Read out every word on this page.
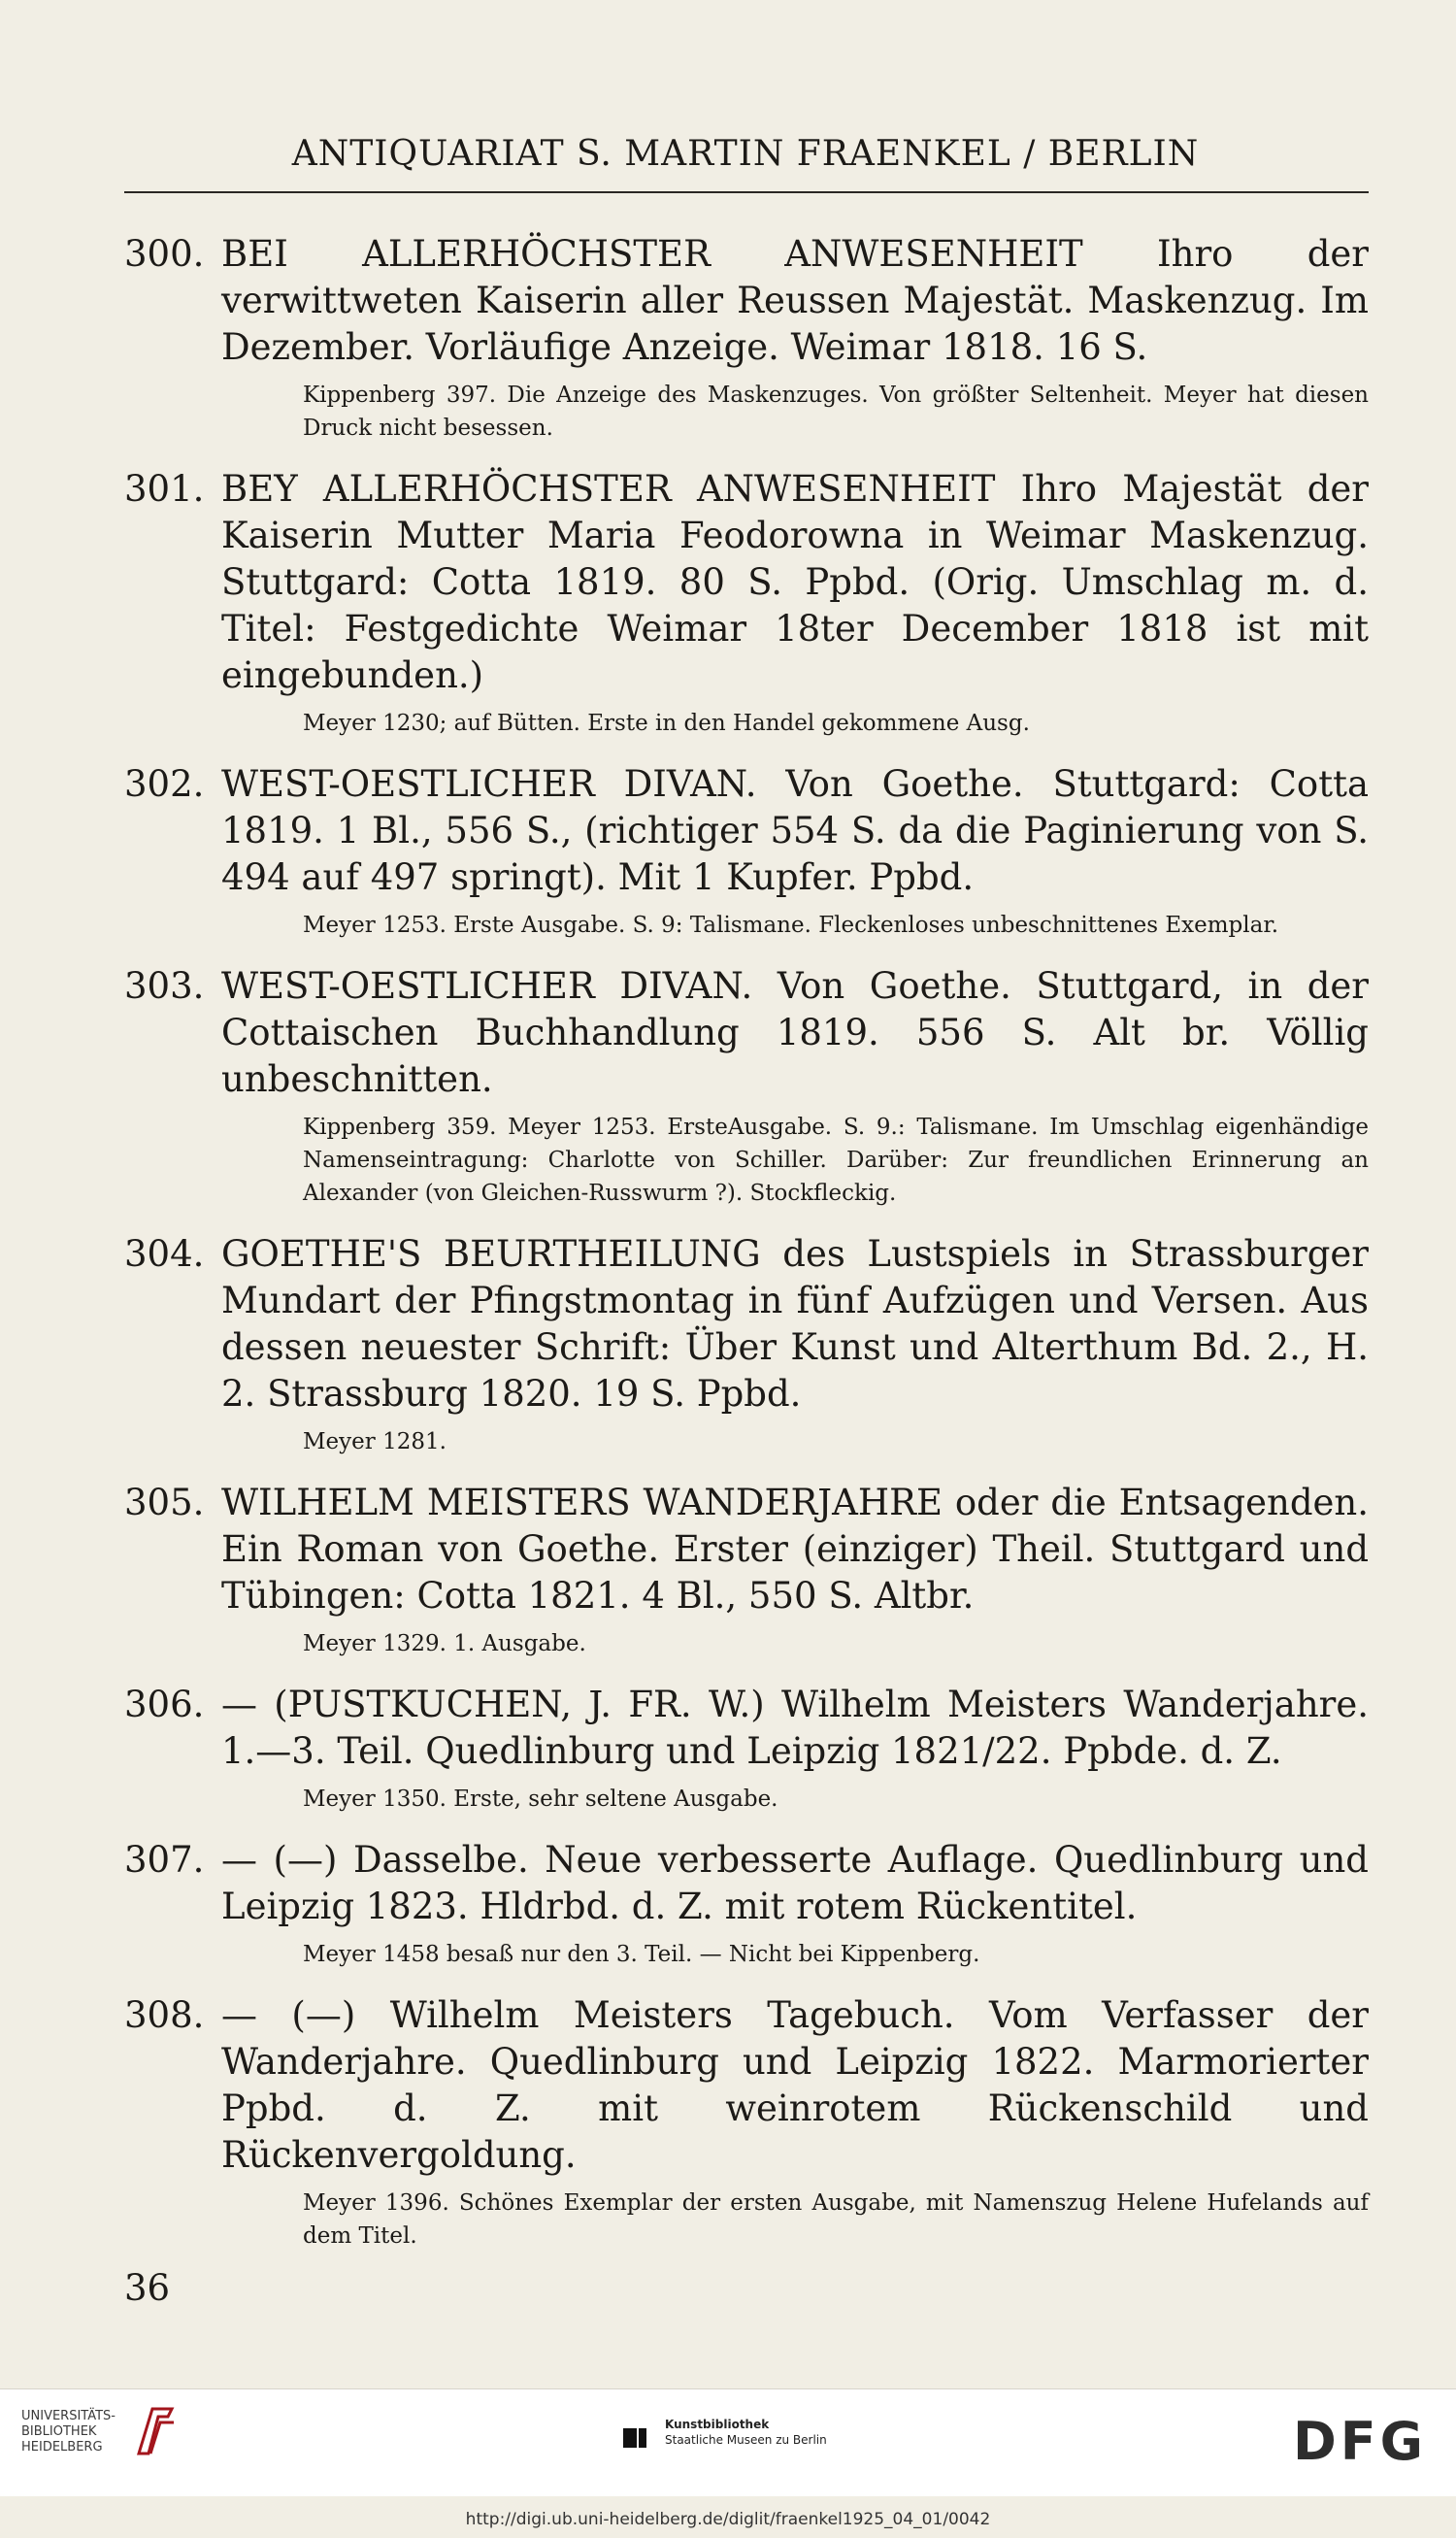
ANTIQUARIAT S. MARTIN FRAENKEL / BERLIN
300. BEI ALLERHÖCHSTER ANWESENHEIT Ihro der verwittweten Kaiserin aller Reussen Majestät. Maskenzug. Im Dezember. Vorläufige Anzeige. Weimar 1818. 16 S.

Kippenberg 397. Die Anzeige des Maskenzuges. Von größter Seltenheit. Meyer hat diesen Druck nicht besessen.

301. BEY ALLERHÖCHSTER ANWESENHEIT Ihro Majestät der Kaiserin Mutter Maria Feodorowna in Weimar Maskenzug. Stuttgard: Cotta 1819. 80 S. Ppbd. (Orig. Umschlag m. d. Titel: Festgedichte Weimar 18ter December 1818 ist mit eingebunden.)

Meyer 1230; auf Bütten. Erste in den Handel gekommene Ausg.

302. WEST-OESTLICHER DIVAN. Von Goethe. Stuttgard: Cotta 1819. 1 Bl., 556 S., (richtiger 554 S. da die Paginierung von S. 494 auf 497 springt). Mit 1 Kupfer. Ppbd.

Meyer 1253. Erste Ausgabe. S. 9: Talismane. Fleckenloses unbeschnittenes Exemplar.

303. WEST-OESTLICHER DIVAN. Von Goethe. Stuttgard, in der Cottaischen Buchhandlung 1819. 556 S. Alt br. Völlig unbeschnitten.

Kippenberg 359. Meyer 1253. ErsteAusgabe. S. 9.: Talismane. Im Umschlag eigenhändige Namenseintragung: Charlotte von Schiller. Darüber: Zur freundlichen Erinnerung an Alexander (von Gleichen-Russwurm ?). Stockfleckig.

304. GOETHE'S BEURTHEILUNG des Lustspiels in Strassburger Mundart der Pfingstmontag in fünf Aufzügen und Versen. Aus dessen neuester Schrift: Über Kunst und Alterthum Bd. 2., H. 2. Strassburg 1820. 19 S. Ppbd.

Meyer 1281.

305. WILHELM MEISTERS WANDERJAHRE oder die Entsagenden. Ein Roman von Goethe. Erster (einziger) Theil. Stuttgard und Tübingen: Cotta 1821. 4 Bl., 550 S. Altbr.

Meyer 1329. 1. Ausgabe.

306. — (PUSTKUCHEN, J. FR. W.) Wilhelm Meisters Wanderjahre. 1.—3. Teil. Quedlinburg und Leipzig 1821/22. Ppbde. d. Z.

Meyer 1350. Erste, sehr seltene Ausgabe.

307. — (—) Dasselbe. Neue verbesserte Auflage. Quedlinburg und Leipzig 1823. Hldrbd. d. Z. mit rotem Rückentitel.

Meyer 1458 besaß nur den 3. Teil. — Nicht bei Kippenberg.

308. — (—) Wilhelm Meisters Tagebuch. Vom Verfasser der Wanderjahre. Quedlinburg und Leipzig 1822. Marmorierter Ppbd. d. Z. mit weinrotem Rückenschild und Rückenvergoldung.

Meyer 1396. Schönes Exemplar der ersten Ausgabe, mit Namenszug Helene Hufelands auf dem Titel.

36
UNIVERSITÄTS-
BIBLIOTHEK
HEIDELBERG
Kunstbibliothek
Staatliche Museen zu Berlin	DFG
http://digi.ub.uni-heidelberg.de/diglit/fraenkel1925_04_01/0042
